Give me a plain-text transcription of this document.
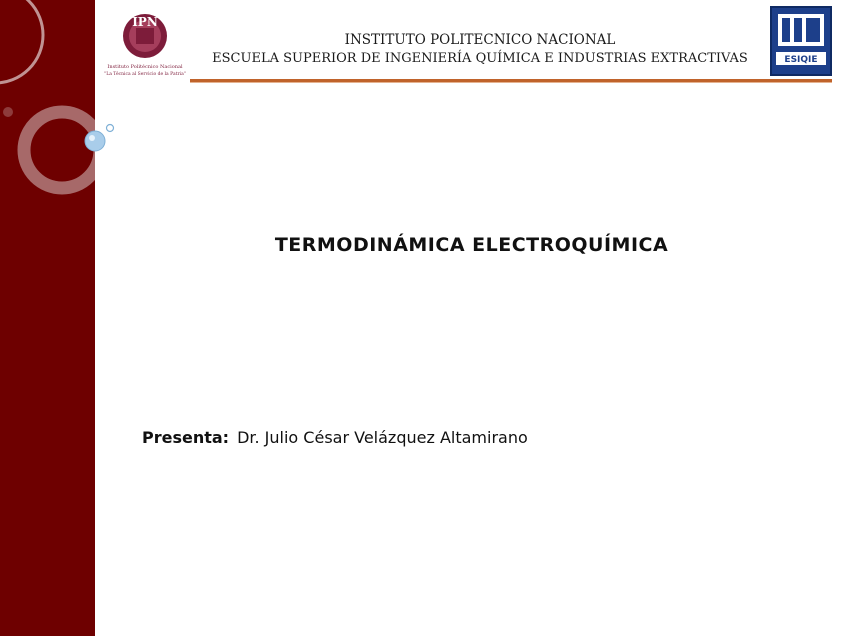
IPN
Instituto Politécnico Nacional
"La Técnica al Servicio de la Patria"
INSTITUTO POLITECNICO NACIONAL
ESCUELA SUPERIOR DE INGENIERÍA QUÍMICA E INDUSTRIAS EXTRACTIVAS	ESIQIE
TERMODINÁMICA ELECTROQUÍMICA
Presenta: Dr. Julio César Velázquez Altamirano
